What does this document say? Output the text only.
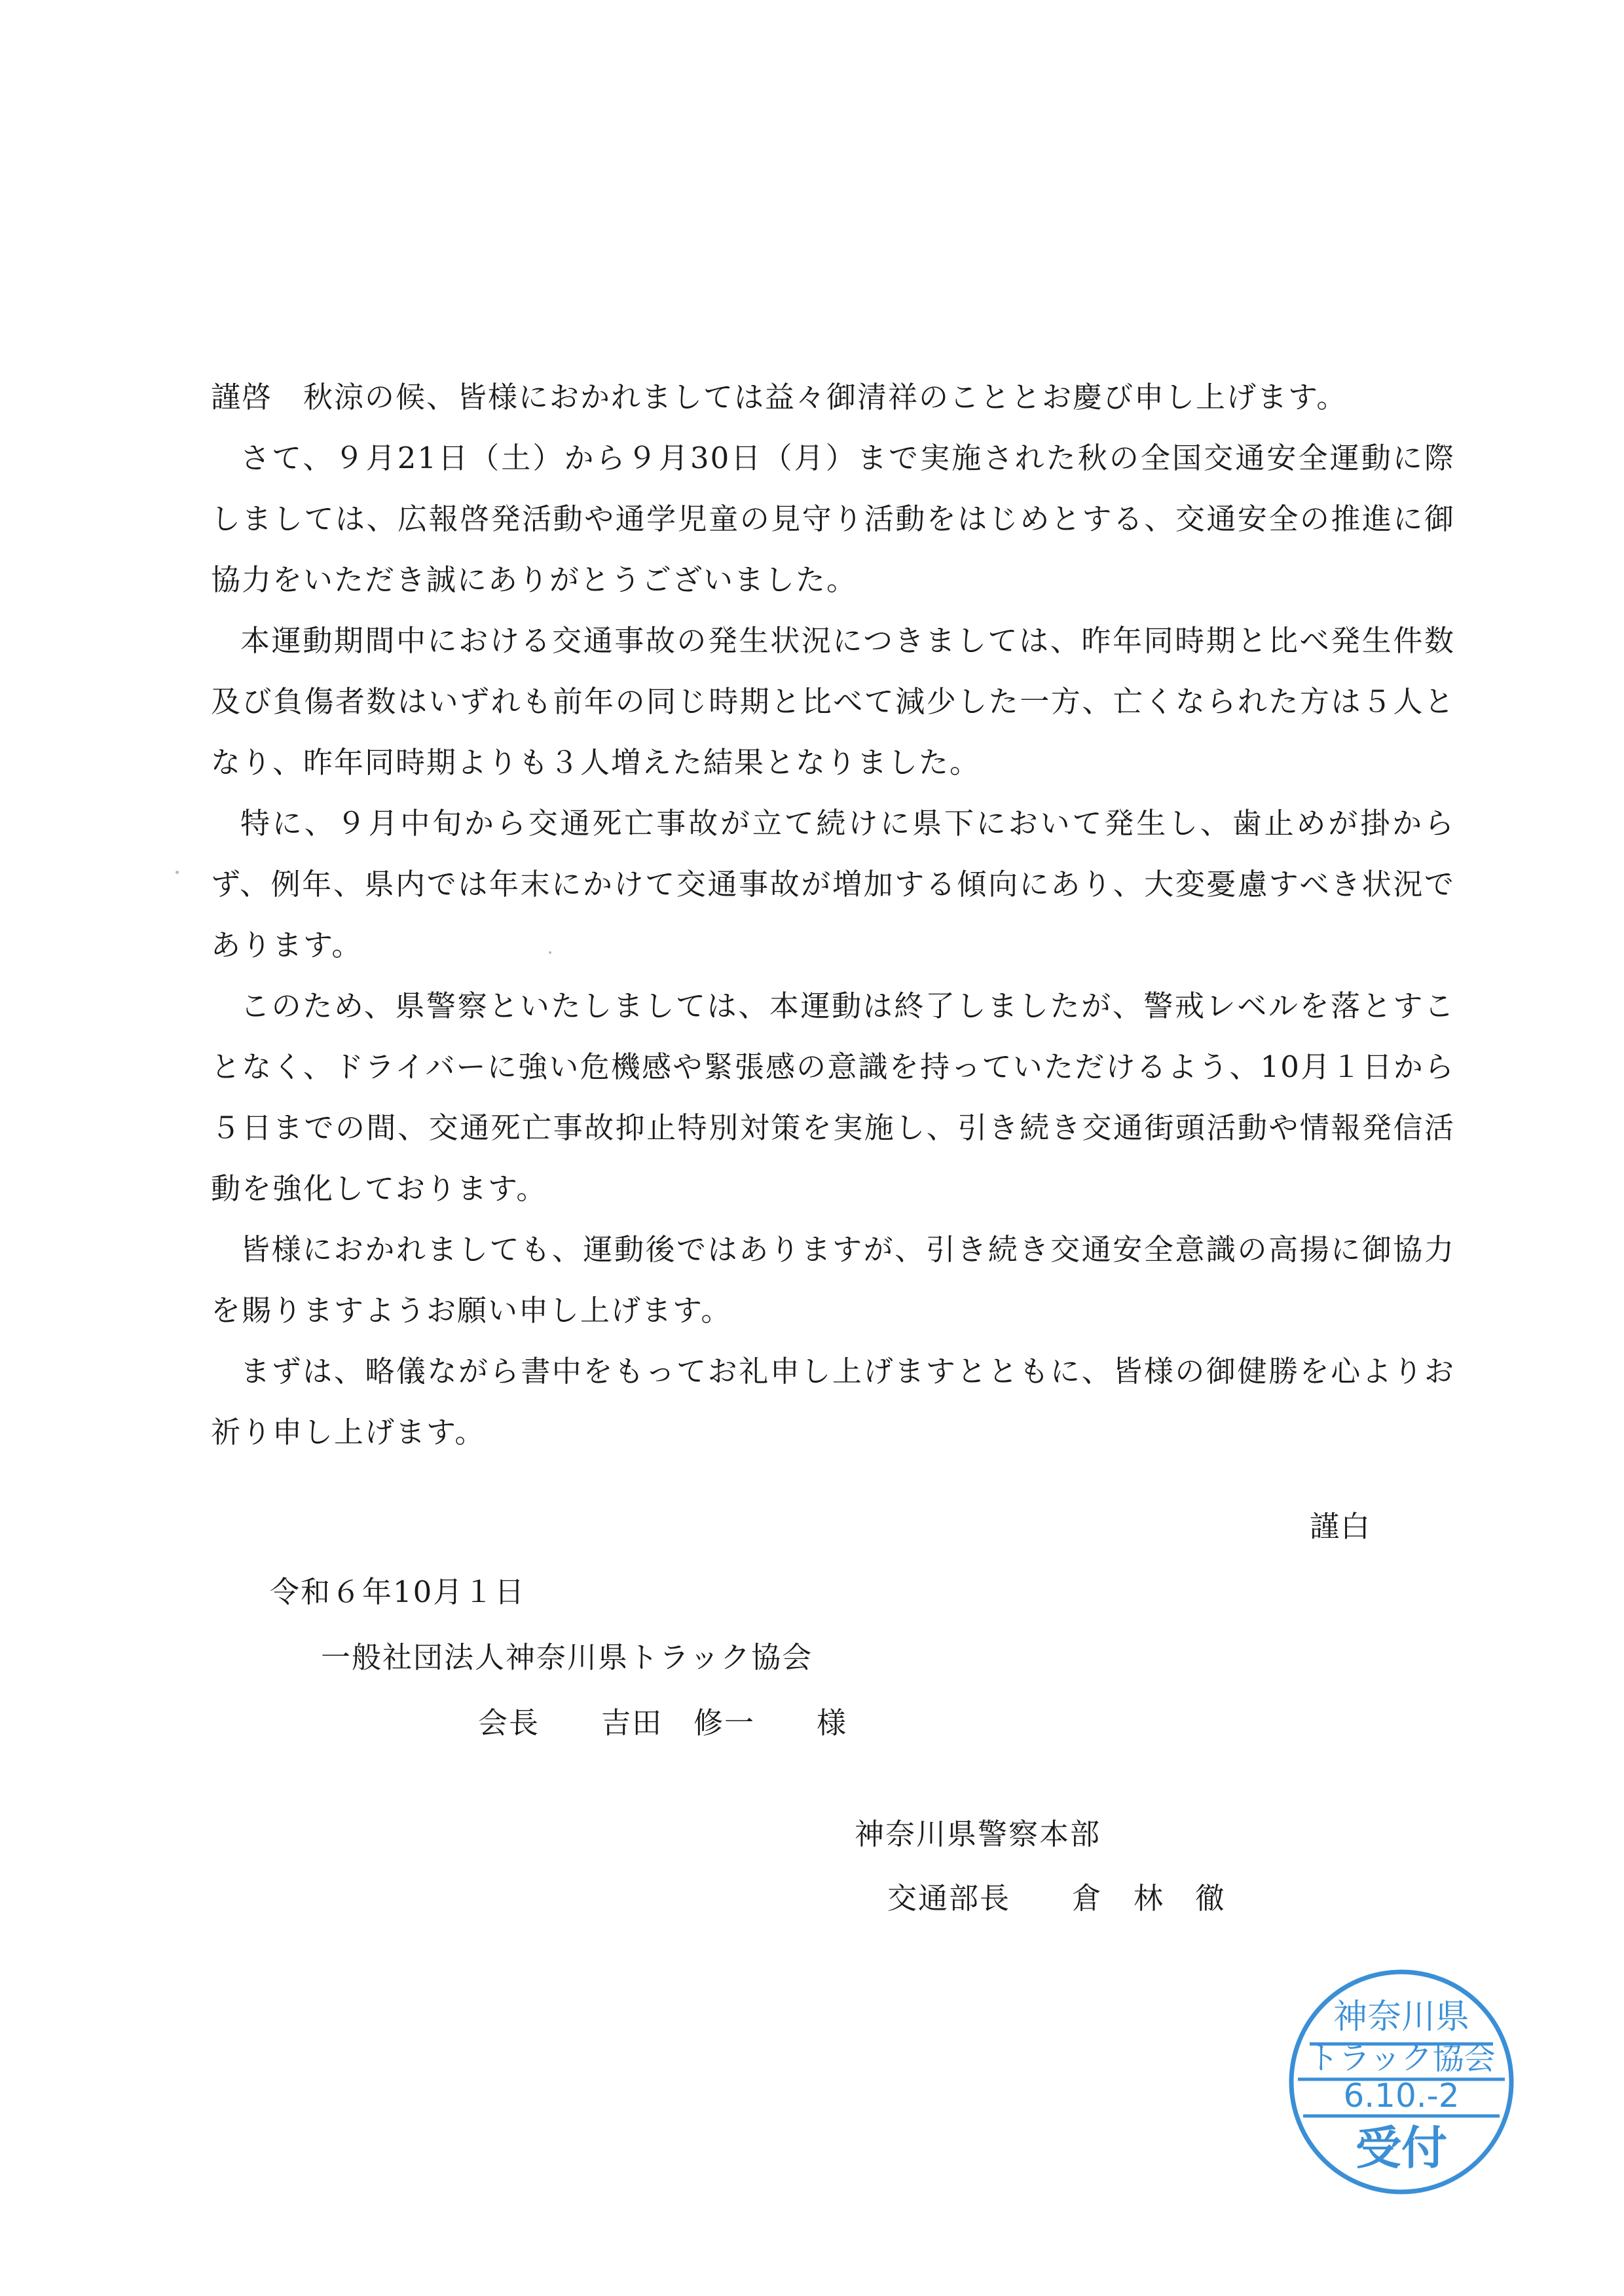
謹啓　秋涼の候、皆様におかれましては益々御清祥のこととお慶び申し上げます。

さて、９月21日（土）から９月30日（月）まで実施された秋の全国交通安全運動に際しましては、広報啓発活動や通学児童の見守り活動をはじめとする、交通安全の推進に御協力をいただき誠にありがとうございました。

本運動期間中における交通事故の発生状況につきましては、昨年同時期と比べ発生件数及び負傷者数はいずれも前年の同じ時期と比べて減少した一方、亡くなられた方は５人となり、昨年同時期よりも３人増えた結果となりました。

特に、９月中旬から交通死亡事故が立て続けに県下において発生し、歯止めが掛からず、例年、県内では年末にかけて交通事故が増加する傾向にあり、大変憂慮すべき状況であります。

このため、県警察といたしましては、本運動は終了しましたが、警戒レベルを落とすことなく、ドライバーに強い危機感や緊張感の意識を持っていただけるよう、10月１日から５日までの間、交通死亡事故抑止特別対策を実施し、引き続き交通街頭活動や情報発信活動を強化しております。

皆様におかれましても、運動後ではありますが、引き続き交通安全意識の高揚に御協力を賜りますようお願い申し上げます。

まずは、略儀ながら書中をもってお礼申し上げますとともに、皆様の御健勝を心よりお祈り申し上げます。

謹白
令和６年10月１日
一般社団法人神奈川県トラック協会
会長　　吉田　修一　　様
神奈川県警察本部
交通部長　　倉　林　徹
神奈川県
トラック協会
6.10.-2
受付
